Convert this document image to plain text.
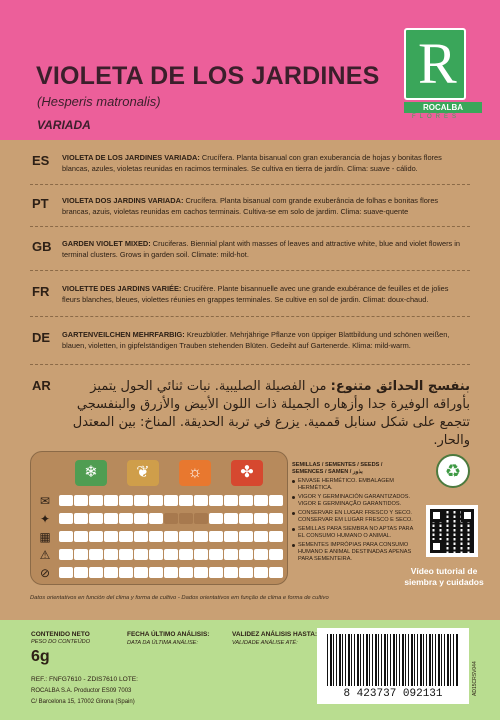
VIOLETA DE LOS JARDINES
(Hesperis matronalis)
VARIADA
R
ROCALBA
FLORES
ES VIOLETA DE LOS JARDINES VARIADA: Crucífera. Planta bisanual con gran exuberancia de hojas y bonitas flores blancas, azules, violetas reunidas en racimos terminales. Se cultiva en tierra de jardín. Clima: suave - cálido.
PT VIOLETA DOS JARDINS VARIADA: Crucífera. Planta bisanual com grande exuberância de folhas e bonitas flores brancas, azuis, violetas reunidas em cachos terminais. Cultiva-se em solo de jardim. Clima: suave-quente
GB GARDEN VIOLET MIXED: Cruciferas. Biennial plant with masses of leaves and attractive white, blue and violet flowers in terminal clusters. Grows in garden soil. Climate: mild-hot.
FR VIOLETTE DES JARDINS VARIÉE: Crucifère. Plante bisannuelle avec une grande exubérance de feuilles et de jolies fleurs blanches, bleues, violettes réunies en grappes terminales. Se cultive en sol de jardin. Climat: doux-chaud.
DE GARTENVEILCHEN MEHRFARBIG: Kreuzblütler. Mehrjährige Pflanze von üppiger Blattbildung und schönen weißen, blauen, violetten, in gipfelständigen Trauben stehenden Blüten. Gedeiht auf Gartenerde. Klima: mild-warm.
AR	بنفسج الحدائق متنوع: من الفصيلة الصليبية. نبات ثنائي الحول يتميز بأوراقه الوفيرة جدا وأزهاره الجميلة ذات اللون الأبيض والأزرق والبنفسجي تتجمع على شكل سنابل قممية. يزرع في تربة الحديقة. المناخ: بين المعتدل والحار.
❄	❦	☼	✤
✉
✦
▦
⚠
⊘
SEMILLAS / SEMENTES / SEEDS / SEMENCES / SAMEN / بذور
ENVASE HERMÉTICO. EMBALAGEM HERMÉTICA.
VIGOR Y GERMINACIÓN GARANTIZADOS. VIGOR E GERMINAÇÃO GARANTIDOS.
CONSERVAR EN LUGAR FRESCO Y SECO. CONSERVAR EM LUGAR FRESCO E SECO.
SEMILLAS PARA SIEMBRA NO APTAS PARA EL CONSUMO HUMANO O ANIMAL.
SEMENTES IMPRÓPIAS PARA CONSUMO HUMANO E ANIMAL DESTINADAS APENAS PARA SEMENTEIRA.
♻
Vídeo tutorial de siembra y cuidados
Datos orientativos en función del clima y forma de cultivo - Dados orientativos em função de clima e forma de cultivo
CONTENIDO NETO
PESO DO CONTEÚDO
6g
FECHA ÚLTIMO ANÁLISIS:
DATA DA ÚLTIMA ANÁLISE:
VALIDEZ ANÁLISIS HASTA:
VALIDADE ANÁLISE ATÉ:
REF.: FNFG7610 - ZDIS7610 LOTE:
ROCALBA S.A. Productor ES09 7003
C/ Barcelona 15, 17002 Girona (Spain)
8 423737 092131	AD15CRSV044
